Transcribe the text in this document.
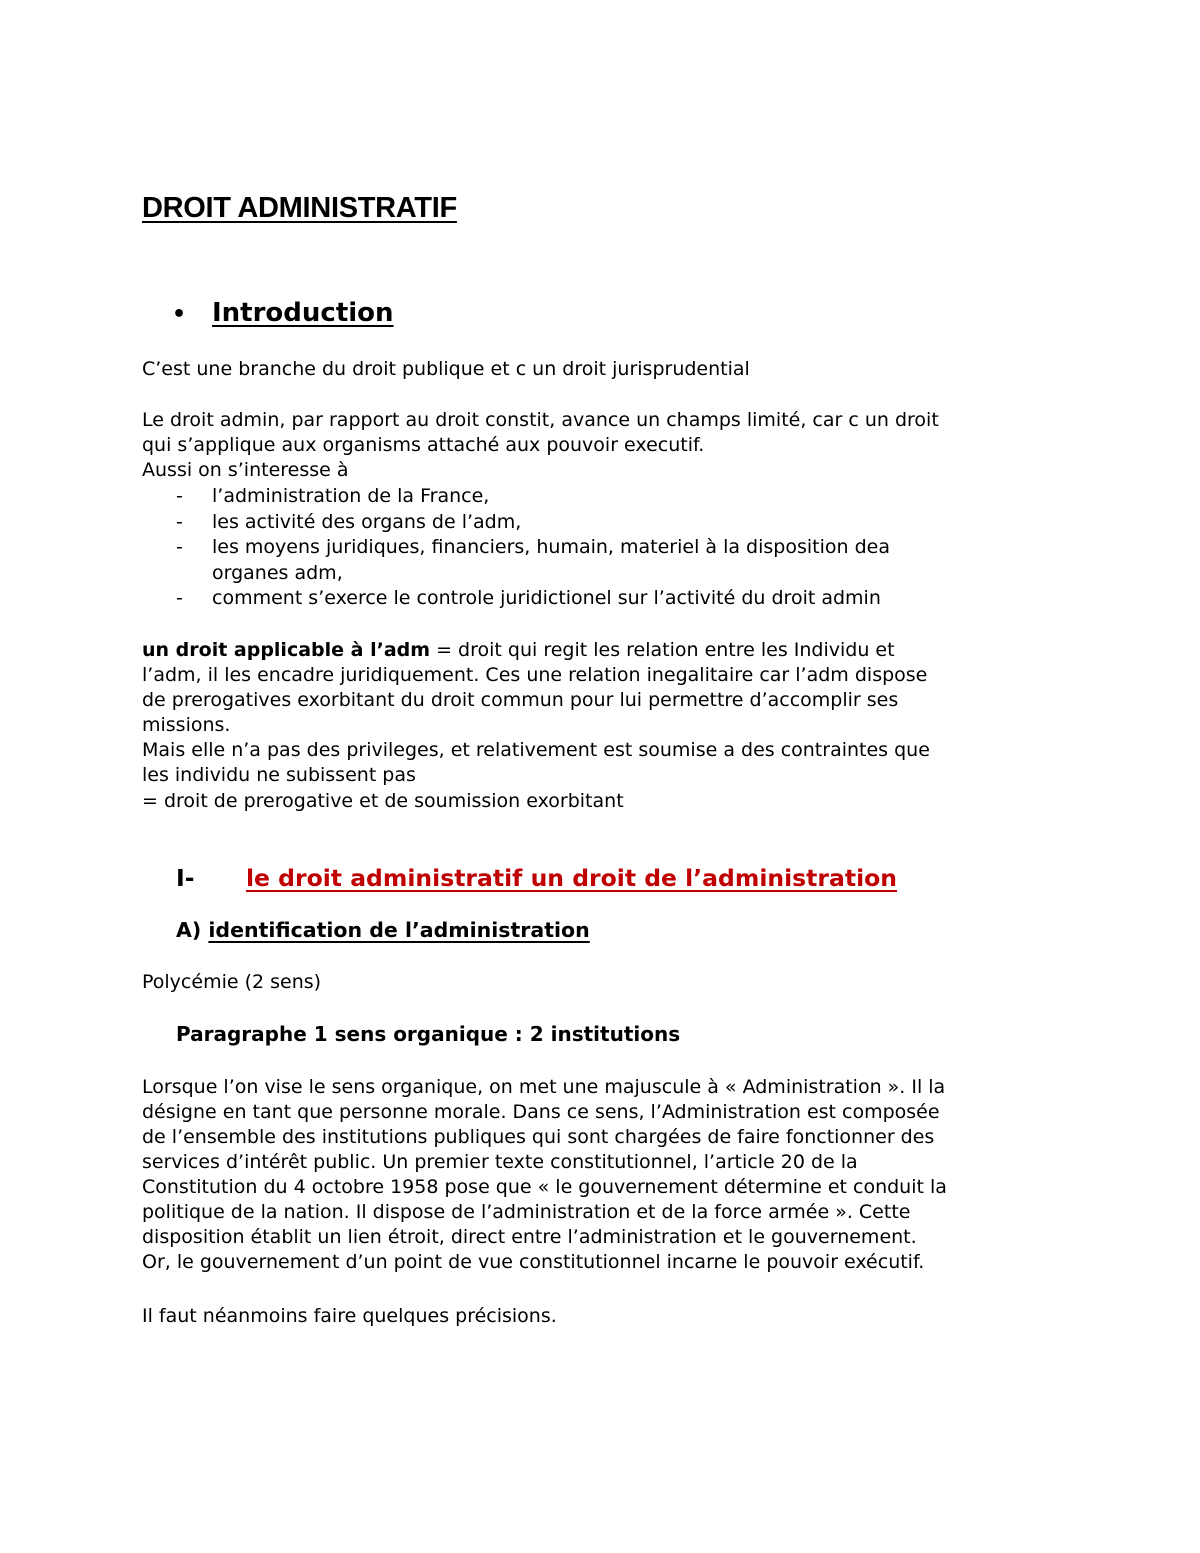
DROIT ADMINISTRATIF
• Introduction
C’est une branche du droit publique et c un droit jurisprudential
Le droit admin, par rapport au droit constit, avance un champs limité, car c un droit
qui s’applique aux organisms attaché aux pouvoir executif.
Aussi on s’interesse à
- l’administration de la France,
- les activité des organs de l’adm,
- les moyens juridiques, financiers, humain, materiel à la disposition dea
organes adm,
- comment s’exerce le controle juridictionel sur l’activité du droit admin
un droit applicable à l’adm = droit qui regit les relation entre les Individu et
l’adm, il les encadre juridiquement. Ces une relation inegalitaire car l’adm dispose
de prerogatives exorbitant du droit commun pour lui permettre d’accomplir ses
missions.
Mais elle n’a pas des privileges, et relativement est soumise a des contraintes que
les individu ne subissent pas
= droit de prerogative et de soumission exorbitant
I- le droit administratif un droit de l’administration
A) identification de l’administration
Polycémie (2 sens)
Paragraphe 1 sens organique : 2 institutions
Lorsque l’on vise le sens organique, on met une majuscule à « Administration ». Il la
désigne en tant que personne morale. Dans ce sens, l’Administration est composée
de l’ensemble des institutions publiques qui sont chargées de faire fonctionner des
services d’intérêt public. Un premier texte constitutionnel, l’article 20 de la
Constitution du 4 octobre 1958 pose que « le gouvernement détermine et conduit la
politique de la nation. Il dispose de l’administration et de la force armée ». Cette
disposition établit un lien étroit, direct entre l’administration et le gouvernement.
Or, le gouvernement d’un point de vue constitutionnel incarne le pouvoir exécutif.
Il faut néanmoins faire quelques précisions.
